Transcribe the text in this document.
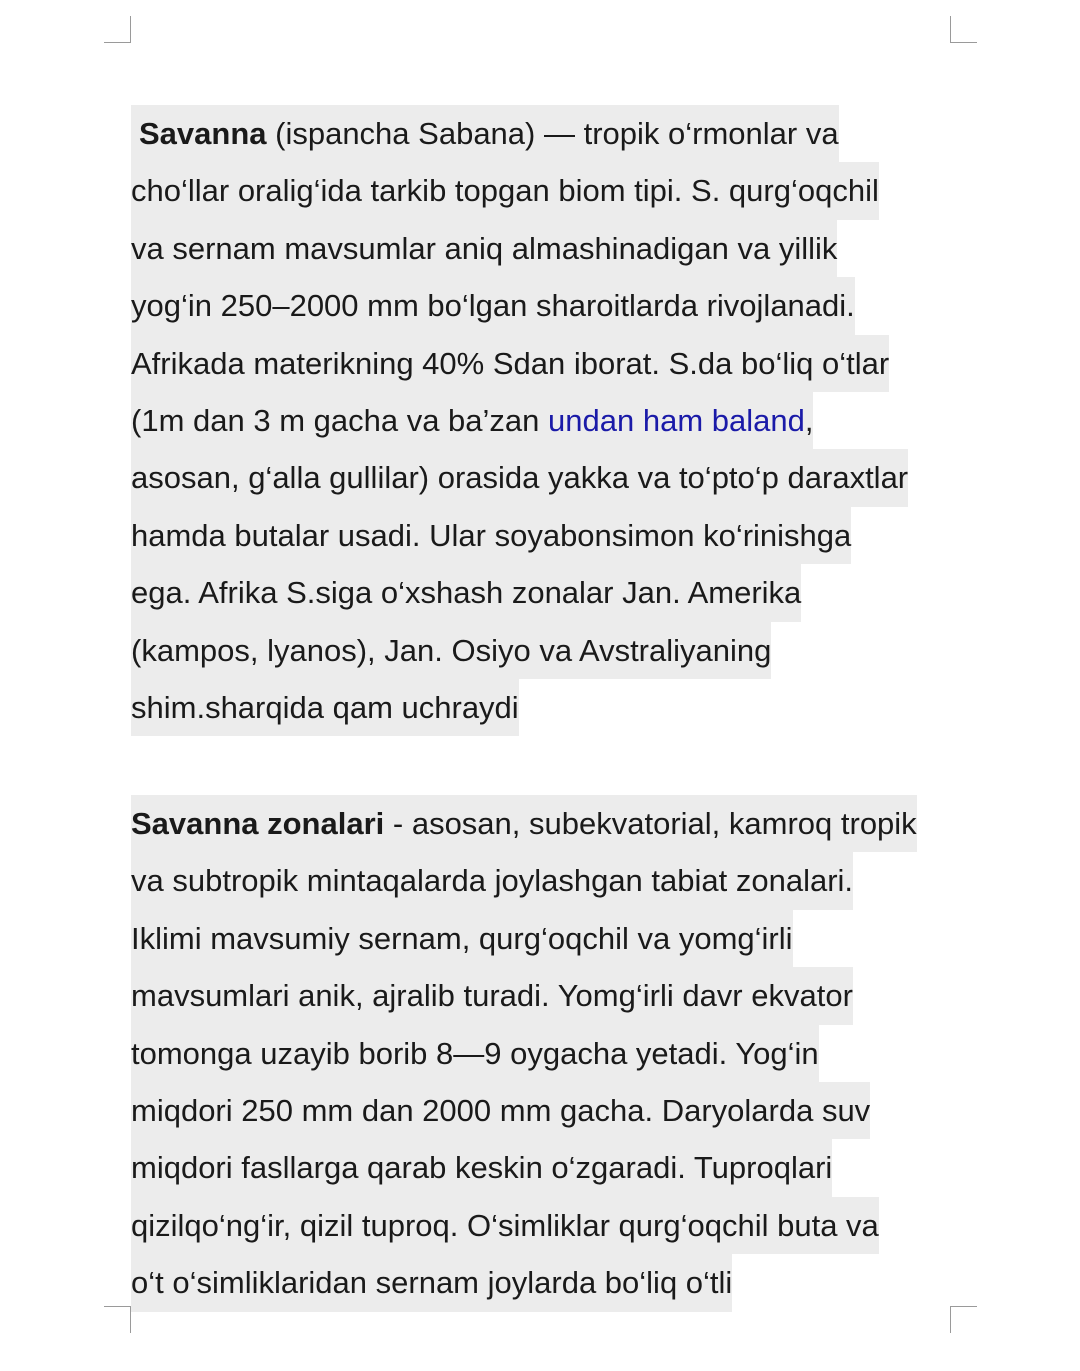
Savanna (ispancha Sabana) — tropik o‘rmonlar va
cho‘llar oralig‘ida tarkib topgan biom tipi. S. qurg‘oqchil
va sernam mavsumlar aniq almashinadigan va yillik
yog‘in 250–2000 mm bo‘lgan sharoitlarda rivojlanadi.
Afrikada materikning 40% Sdan iborat. S.da bo‘liq o‘tlar
(1m dan 3 m gacha va ba’zan undan ham baland,
asosan, g‘alla gullilar) orasida yakka va to‘pto‘p daraxtlar
hamda butalar usadi. Ular soyabonsimon ko‘rinishga
ega. Afrika S.siga o‘xshash zonalar Jan. Amerika
(kampos, lyanos), Jan. Osiyo va Avstraliyaning
shim.sharqida qam uchraydi
Savanna zonalari - asosan, subekvatorial, kamroq tropik
va subtropik mintaqalarda joylashgan tabiat zonalari.
Iklimi mavsumiy sernam, qurg‘oqchil va yomg‘irli
mavsumlari anik, ajralib turadi. Yomg‘irli davr ekvator
tomonga uzayib borib 8—9 oygacha yetadi. Yog‘in
miqdori 250 mm dan 2000 mm gacha. Daryolarda suv
miqdori fasllarga qarab keskin o‘zgaradi. Tuproqlari
qizilqo‘ng‘ir, qizil tuproq. O‘simliklar qurg‘oqchil buta va
o‘t o‘simliklaridan sernam joylarda bo‘liq o‘tli
